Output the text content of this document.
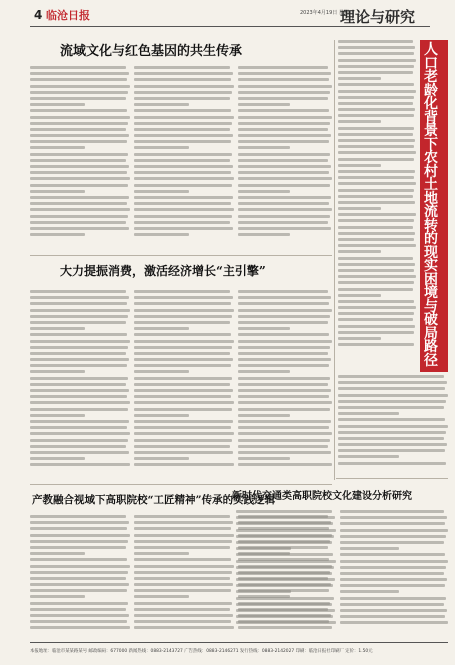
4 临沧日报	2023年4月19日 星期三
理论与研究
流域文化与红色基因的共生传承
大力提振消费，激活经济增长“主引擎”
产教融合视域下高职院校“工匠精神”传承的实践逻辑
人口老龄化背景下农村土地流转的现实困境与破局路径
新时代交通类高职院校文化建设分析研究
本报地址：临沧市某某路某号 邮政编码：677000 新闻热线：0883-2143727 广告热线：0883-2146271 发行热线：0883-2142027 印刷：临沧日报社印刷厂 定价：1.50元
